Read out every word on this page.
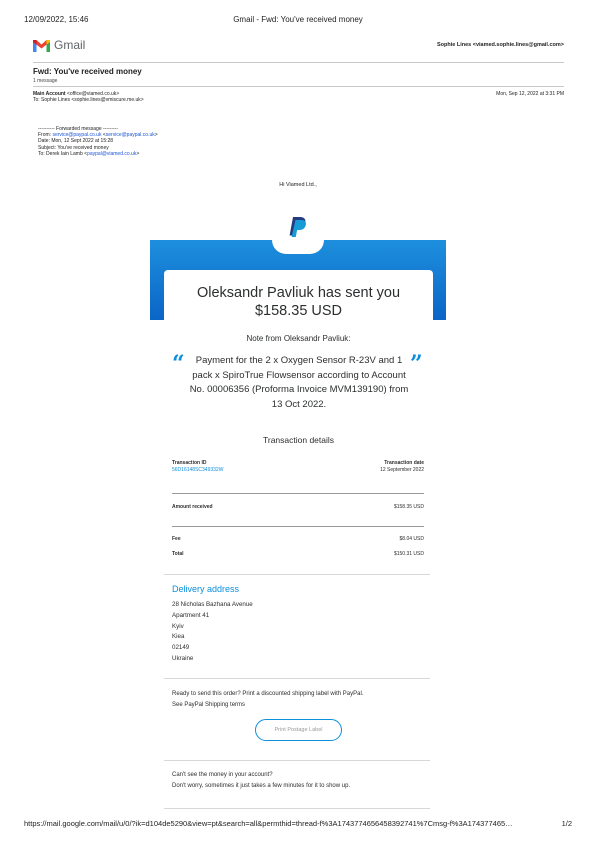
12/09/2022, 15:46	Gmail - Fwd: You've received money
Gmail	Sophie Lines <viamed.sophie.lines@gmail.com>
Fwd: You've received money
1 message
Main Account <office@viamed.co.uk>
To: Sophie Lines <sophie.lines@vmiscure.me.uk>
Mon, Sep 12, 2022 at 3:31 PM
---------- Forwarded message ---------
From: service@paypal.co.uk <service@paypal.co.uk>
Date: Mon, 12 Sept 2022 at 15:28
Subject: You've received money
To: Derek Iain Lamb <paypal@viamed.co.uk>
Hi Viamed Ltd.,
Oleksandr Pavliuk has sent you
$158.35 USD
Note from Oleksandr Pavliuk:
“	”
Payment for the 2 x Oxygen Sensor R-23V and 1 pack x SpiroTrue Flowsensor according to Account No. 00006356 (Proforma Invoice MVM139190) from 13 Oct 2022.
Transaction details
Transaction ID
56D16148SC349332W
Transaction date
12 September 2022
Amount received	$158.35 USD
Fee	$8.04 USD
Total	$150.31 USD
Delivery address
28 Nicholas Bazhana Avenue
Apartment 41
Kyiv
Kiea
02149
Ukraine
Ready to send this order? Print a discounted shipping label with PayPal.
See PayPal Shipping terms
Print Postage Label
Can't see the money in your account?
Don't worry, sometimes it just takes a few minutes for it to show up.
https://mail.google.com/mail/u/0/?ik=d104de5290&view=pt&search=all&permthid=thread-f%3A1743774656458392741%7Cmsg-f%3A174377465…	1/2
